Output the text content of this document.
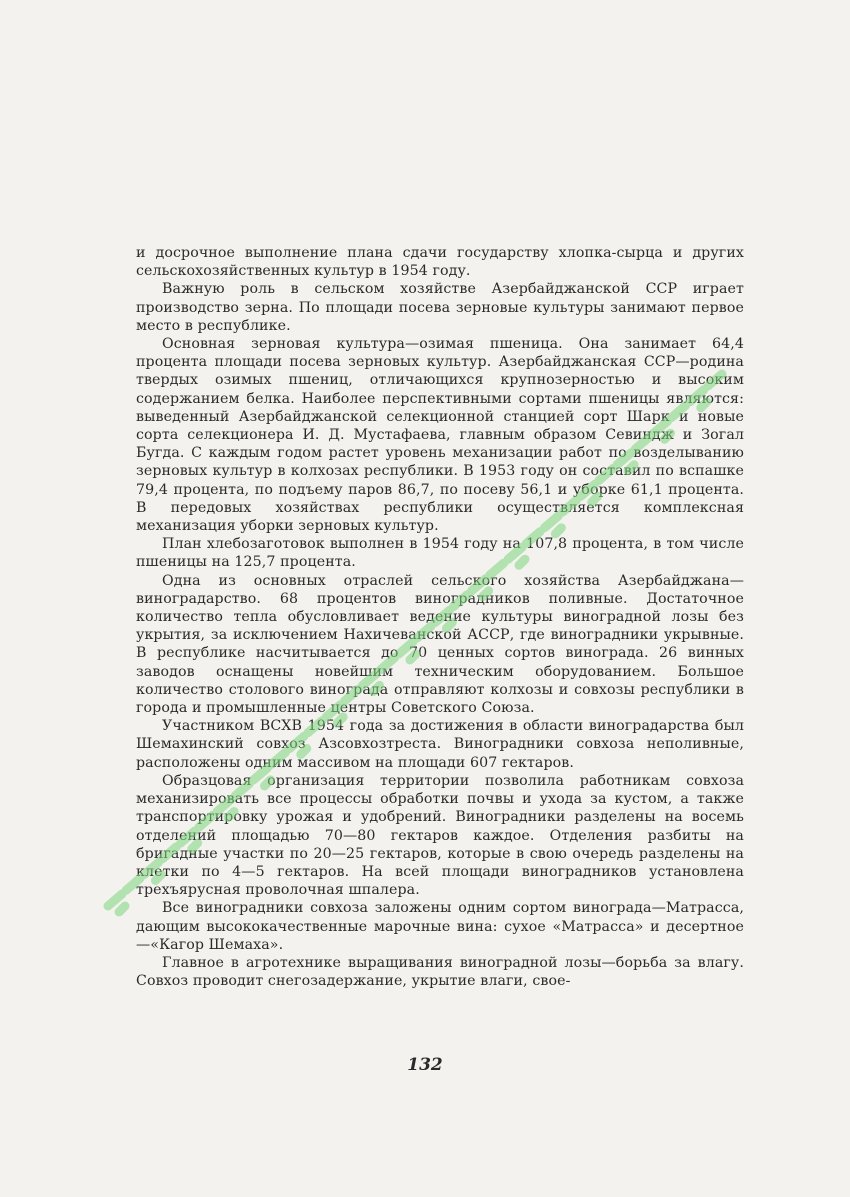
и досрочное выполнение плана сдачи государству хлопка-сырца и других сельскохозяйственных культур в 1954 году.

Важную роль в сельском хозяйстве Азербайджанской ССР играет производство зерна. По площади посева зерновые культуры занимают первое место в республике.

Основная зерновая культура—озимая пшеница. Она занимает 64,4 процента площади посева зерновых культур. Азербайджанская ССР—родина твердых озимых пшениц, отличающихся крупнозерностью и высоким содержанием белка. Наиболее перспективными сортами пшеницы являются: выведенный Азербайджанской селекционной станцией сорт Шарк и новые сорта селекционера И. Д. Мустафаева, главным образом Севиндж и Зогал Бугда. С каждым годом растет уровень механизации работ по возделыванию зерновых культур в колхозах республики. В 1953 году он составил по вспашке 79,4 процента, по подъему паров 86,7, по посеву 56,1 и уборке 61,1 процента. В передовых хозяйствах республики осуществляется комплексная механизация уборки зерновых культур.

План хлебозаготовок выполнен в 1954 году на 107,8 процента, в том числе пшеницы на 125,7 процента.

Одна из основных отраслей сельского хозяйства Азербайджана—виноградарство. 68 процентов виноградников поливные. Достаточное количество тепла обусловливает ведение культуры виноградной лозы без укрытия, за исключением Нахичеванской АССР, где виноградники укрывные. В республике насчитывается до 70 ценных сортов винограда. 26 винных заводов оснащены новейшим техническим оборудованием. Большое количество столового винограда отправляют колхозы и совхозы республики в города и промышленные центры Советского Союза.

Участником ВСХВ 1954 года за достижения в области виноградарства был Шемахинский совхоз Азсовхозтреста. Виноградники совхоза неполивные, расположены одним массивом на площади 607 гектаров.

Образцовая организация территории позволила работникам совхоза механизировать все процессы обработки почвы и ухода за кустом, а также транспортировку урожая и удобрений. Виноградники разделены на восемь отделений площадью 70—80 гектаров каждое. Отделения разбиты на бригадные участки по 20—25 гектаров, которые в свою очередь разделены на клетки по 4—5 гектаров. На всей площади виноградников установлена трехъярусная проволочная шпалера.

Все виноградники совхоза заложены одним сортом винограда—Матрасса, дающим высококачественные марочные вина: сухое «Матрасса» и десертное—«Кагор Шемаха».

Главное в агротехнике выращивания виноградной лозы—борьба за влагу. Совхоз проводит снегозадержание, укрытие влаги, свое-

132
